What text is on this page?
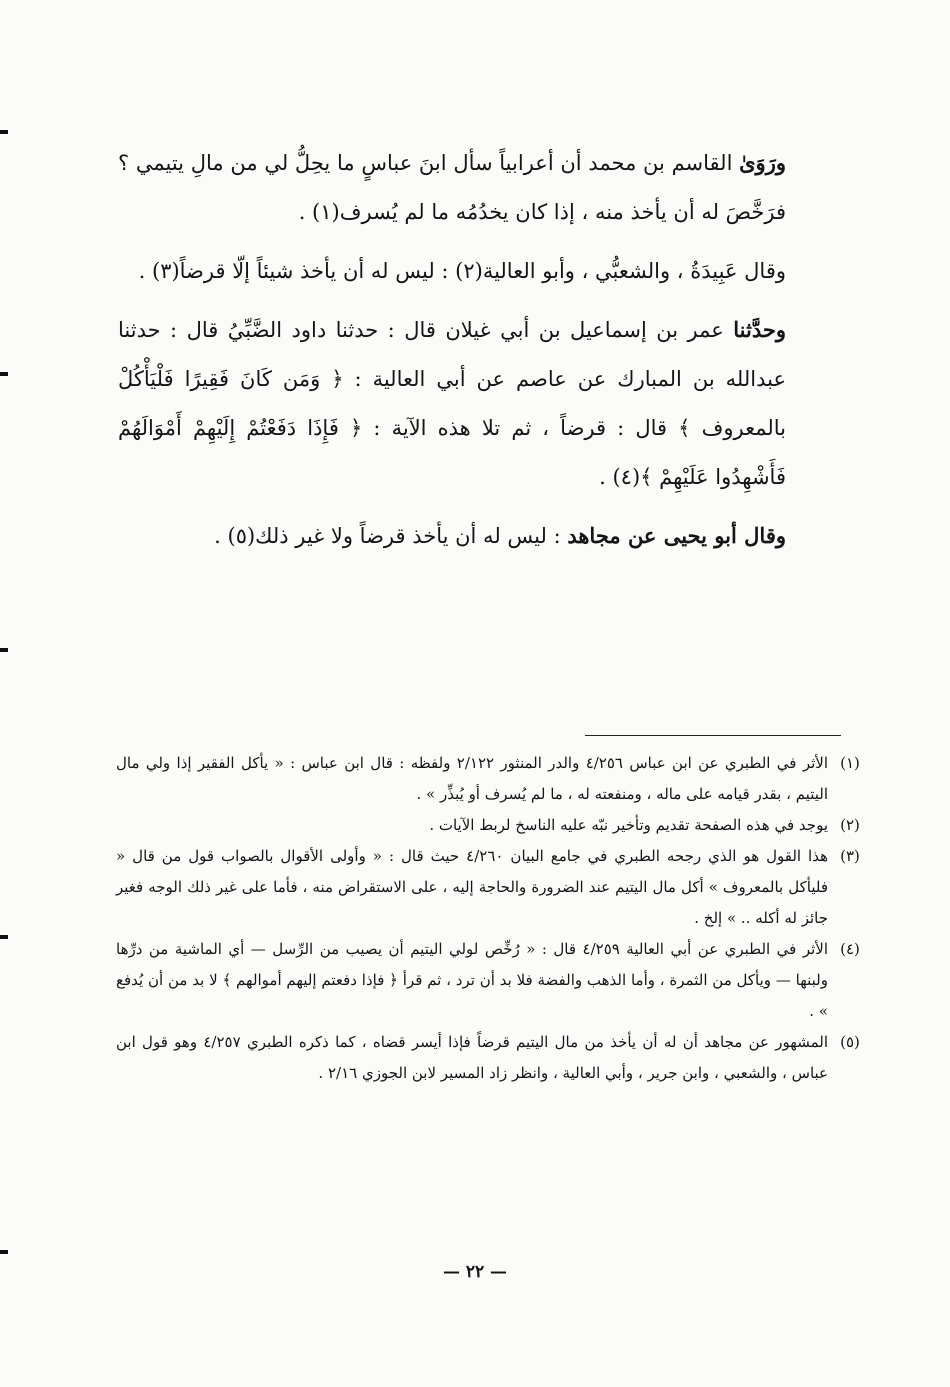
ورَوَىٰ القاسم بن محمد أن أعرابياً سأل ابنَ عباسٍ ما يحِلُّ لي من مالِ يتيمي ؟ فرَخَّصَ له أن يأخذ منه ، إذا كان يخدُمُه ما لم يُسرف(١) .

وقال عَبِيدَةُ ، والشعبُّي ، وأبو العالية(٢) : ليس له أن يأخذ شيئاً إلّا قرضاً(٣) .

وحدَّثنا عمر بن إسماعيل بن أبي غيلان قال : حدثنا داود الضَّبِّيُ قال : حدثنا عبدالله بن المبارك عن عاصم عن أبي العالية : ﴿ وَمَن كَانَ فَقِيرًا فَلْيَأْكُلْ بالمعروف ﴾ قال : قرضاً ، ثم تلا هذه الآية : ﴿ فَإِذَا دَفَعْتُمْ إِلَيْهِمْ أَمْوَالَهُمْ فَأَشْهِدُوا عَلَيْهِمْ ﴾(٤) .

وقال أبو يحيى عن مجاهد : ليس له أن يأخذ قرضاً ولا غير ذلك(٥) .

(١)
الأثر في الطبري عن ابن عباس ٤/٢٥٦ والدر المنثور ٢/١٢٢ ولفظه : قال ابن عباس : « يأكل الفقير إذا ولي مال اليتيم ، بقدر قيامه على ماله ، ومنفعته له ، ما لم يُسرف أو يُبذِّر » .
(٢)
يوجد في هذه الصفحة تقديم وتأخير نبّه عليه الناسخ لربط الآيات .
(٣)
هذا القول هو الذي رجحه الطبري في جامع البيان ٤/٢٦٠ حيث قال : « وأولى الأقوال بالصواب قول من قال « فليأكل بالمعروف » أكل مال اليتيم عند الضرورة والحاجة إليه ، على الاستقراض منه ، فأما على غير ذلك الوجه فغير جائز له أكله .. » إلخ .
(٤)
الأثر في الطبري عن أبي العالية ٤/٢٥٩ قال : « رُخِّص لولي اليتيم أن يصيب من الرِّسل — أي الماشية من درِّها ولبنها — ويأكل من الثمرة ، وأما الذهب والفضة فلا بد أن ترد ، ثم قرأ ﴿ فإذا دفعتم إليهم أموالهم ﴾ لا بد من أن يُدفع » .
(٥)
المشهور عن مجاهد أن له أن يأخذ من مال اليتيم قرضاً فإذا أيسر قضاه ، كما ذكره الطبري ٤/٢٥٧ وهو قول ابن عباس ، والشعبي ، وابن جرير ، وأبي العالية ، وانظر زاد المسير لابن الجوزي ٢/١٦ .
— ٢٢ —
